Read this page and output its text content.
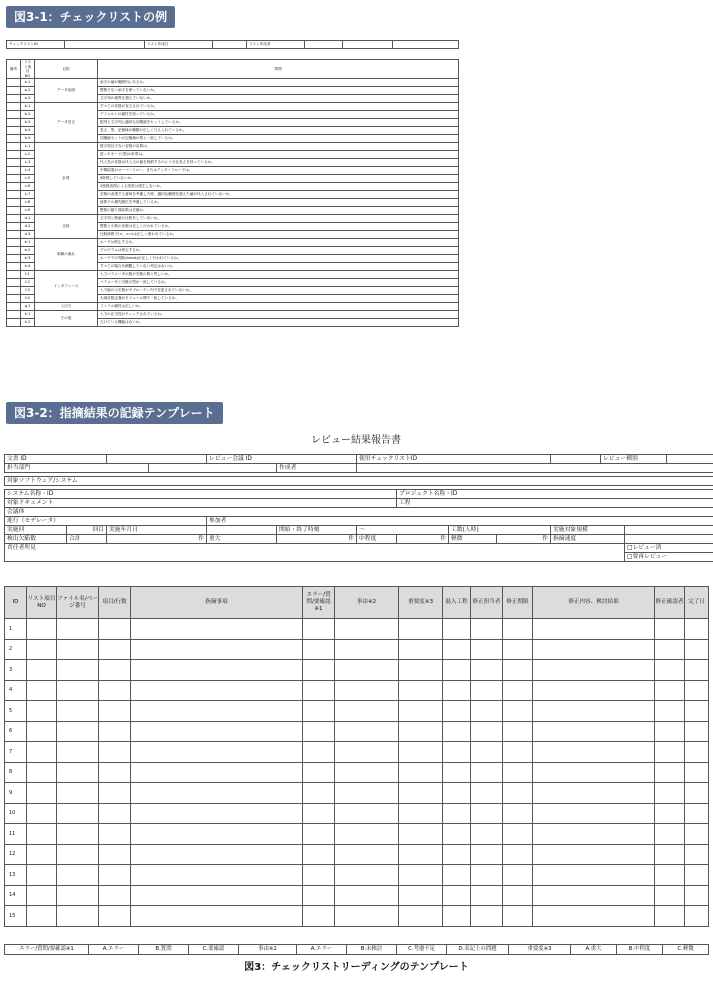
図3-1：チェックリストの例
チェックリストID		リスト作成日		リスト作成者			
備考	リスト項目NO	目的	質問
	a-1	データ参照	添字の値が範囲内にあるか。
	a-2		整数でない添字を使っていないか。
	a-3		文字列の境界を超えていないか。
	b-1	データ宣言	すべての変数が宣言されているか。
	b-2		デフォルトの属性を知っているか。
	b-3		配列と文字列に適切な初期値をセットしているか。
	b-4		長さ、型、記憶域の種類が正しく与えられているか。
	b-5		初期値セットが記憶域の型と一致しているか。
	c-1	計算	数字項目でない変数の計算は。
	c-2		混ったモード(型)の計算は。
	c-3		代入先の変数は代入元の値を格納するのに十分な長さを持っているか。
	c-4		中間結果がオーバーフロー、またはアンダーフローでは。
	c-5		0除算していないか。
	c-6		2進数表現による誤差は発生しないか。
	c-7		変数の表現する意味を考慮した時、適切な範囲を超えた値が代入されていないか。
	c-8		演算子の優先順位を考慮しているか。
	c-9		整数の割り算結果は正確か。
	d-1	比較	文字列と数値の比較をしていないか。
	d-2		整数と小数の比較は正しく行われているか。
	d-3		比較演算子(<、>=)は正しく使われているか。
	e-1	制御の流れ	ループは停止するか。
	e-2		プログラムは停止するか。
	e-3		ループでの判断(break)が正しく行われているか。
	e-4		すべての場合を網羅していない判定はないか。
	f-1	インタフェース	入力パラメータの数が引数の数と等しいか。
	f-2		パラメータと引数の型が一致しているか。
	f-3		入力値のみ引数がサブルーチン内で変更されていないか。
	f-4		大域変数定義がモジュール間で一致しているか。
	g-1	入出力	ファイル属性は正しいか。
	h-1	その他	入力の正当性がチェックされているか。
	h-2		欠けている機能はないか。
図3-2：指摘結果の記録テンプレート
レビュー結果報告書
文書 ID				レビュー会議 ID		使用チェックリストID					レビュー種別		
担当部門					作成者								

対象ソフトウェア/システム													

システム名称・ID							プロジェクト名称・ID						
対象ドキュメント							工程						
会議体													
進行（モデレータ）				参加者									
実施回	回目	実施年月日			開始・終了時刻	～		工数(人時)		実施対象規模			
検出欠陥数	合計	件		重大	件	中程度	件	軽微	件	指摘速度			
責任者所見												□レビュー済	
												□要再レビュー	
ID	リスト項目NO	ファイル名/ページ番号	項目/行数	指摘事項	エラー/質問/要確認※1	事由※2	重要度※3	混入工程	修正担当者	修正期限	修正内容、検討結果	修正確認者	完了日
1													
2													
3													
4													
5													
6													
7													
8													
9													
10													
11													
12													
13													
14													
15													
エラー/質問/要確認※1	A.エラー	B.質問	C.要確認	事由※2	A.エラー	B.未検討	C.考慮不足	D.表記上の問題	重要度※3	A.重大	B.中程度	C.軽微
図3：チェックリストリーディングのテンプレート
